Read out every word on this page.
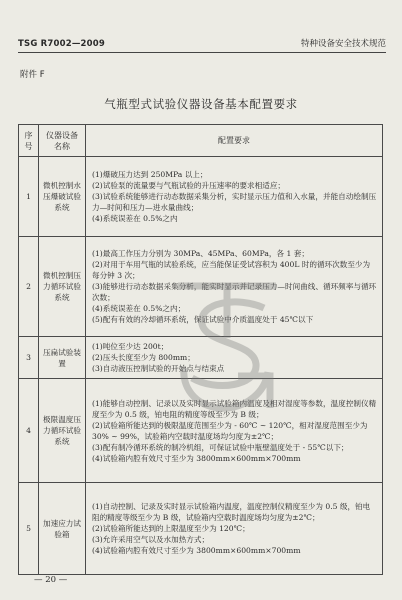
TSG R7002—2009	特种设备安全技术规范
附件 F
气瓶型式试验仪器设备基本配置要求
序号	仪器设备名称	配置要求
1	微机控制水压爆破试验系统	(1)爆破压力达到 250MPa 以上；
(2)试验泵的流量要与气瓶试验的升压速率的要求相适应；
(3)试验系统能够进行动态数据采集分析，实时显示压力值和入水量，并能自动绘制压力—时间和压力—进水量曲线；
(4)系统误差在 0.5%之内

2	微机控制压力循环试验系统	(1)最高工作压力分别为 30MPa、45MPa、60MPa，各 1 套；
(2)对用于车用气瓶的试验系统，应当能保证受试容积为 400L 时的循环次数至少为每分钟 3 次；
(3)能够进行动态数据采集分析，能实时显示并记录压力—时间曲线、循环频率与循环次数；
(4)系统误差在 0.5%之内；
(5)配有有效的冷却循环系统，保证试验中介质温度处于 45℃以下

3	压扁试验装置	(1)吨位至少达 200t；
(2)压头长度至少为 800mm；
(3)自动液压控制试验的开始点与结束点

4	极限温度压力循环试验系统	(1)能够自动控制、记录以及实时显示试验箱内温度及相对湿度等参数，温度控制仪精度至少为 0.5 级，铂电阻的精度等级至少为 B 级；
(2)试验箱所能达到的极限温度范围至少为 - 60℃ ~ 120℃，相对湿度范围至少为 30% ~ 99%，试验箱内空载时温度场均匀度为±2℃；
(3)配有制冷循环系统的制冷机组，可保证试验中瓶壁温度处于 - 55℃以下；
(4)试验箱内腔有效尺寸至少为 3800mm×600mm×700mm

5	加速应力试验箱	(1)自动控制、记录及实时显示试验箱内温度，温度控制仪精度至少为 0.5 级，铂电阻的精度等级至少为 B 级，试验箱内空载时温度场均匀度为±2℃；
(2)试验箱所能达到的上限温度至少为 120℃；
(3)允许采用空气以及水加热方式；
(4)试验箱内腔有效尺寸至少为 3800mm×600mm×700mm
— 20 —
